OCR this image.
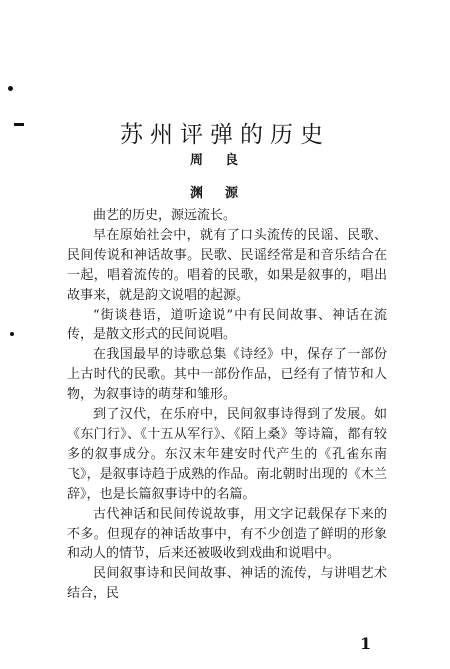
苏州评弹的历史
周良
渊源

曲艺的历史，源远流长。

早在原始社会中，就有了口头流传的民谣、民歌、民间传说和神话故事。民歌、民谣经常是和音乐结合在一起，唱着流传的。唱着的民歌，如果是叙事的，唱出故事来，就是韵文说唱的起源。

“街谈巷语，道听途说”中有民间故事、神话在流传，是散文形式的民间说唱。

在我国最早的诗歌总集《诗经》中，保存了一部份上古时代的民歌。其中一部份作品，已经有了情节和人物，为叙事诗的萌芽和雏形。

到了汉代，在乐府中，民间叙事诗得到了发展。如《东门行》、《十五从军行》、《陌上桑》等诗篇，都有较多的叙事成分。东汉末年建安时代产生的《孔雀东南飞》，是叙事诗趋于成熟的作品。南北朝时出现的《木兰辞》，也是长篇叙事诗中的名篇。

古代神话和民间传说故事，用文字记载保存下来的不多。但现存的神话故事中，有不少创造了鲜明的形象和动人的情节，后来还被吸收到戏曲和说唱中。

民间叙事诗和民间故事、神话的流传，与讲唱艺术结合，民

1
